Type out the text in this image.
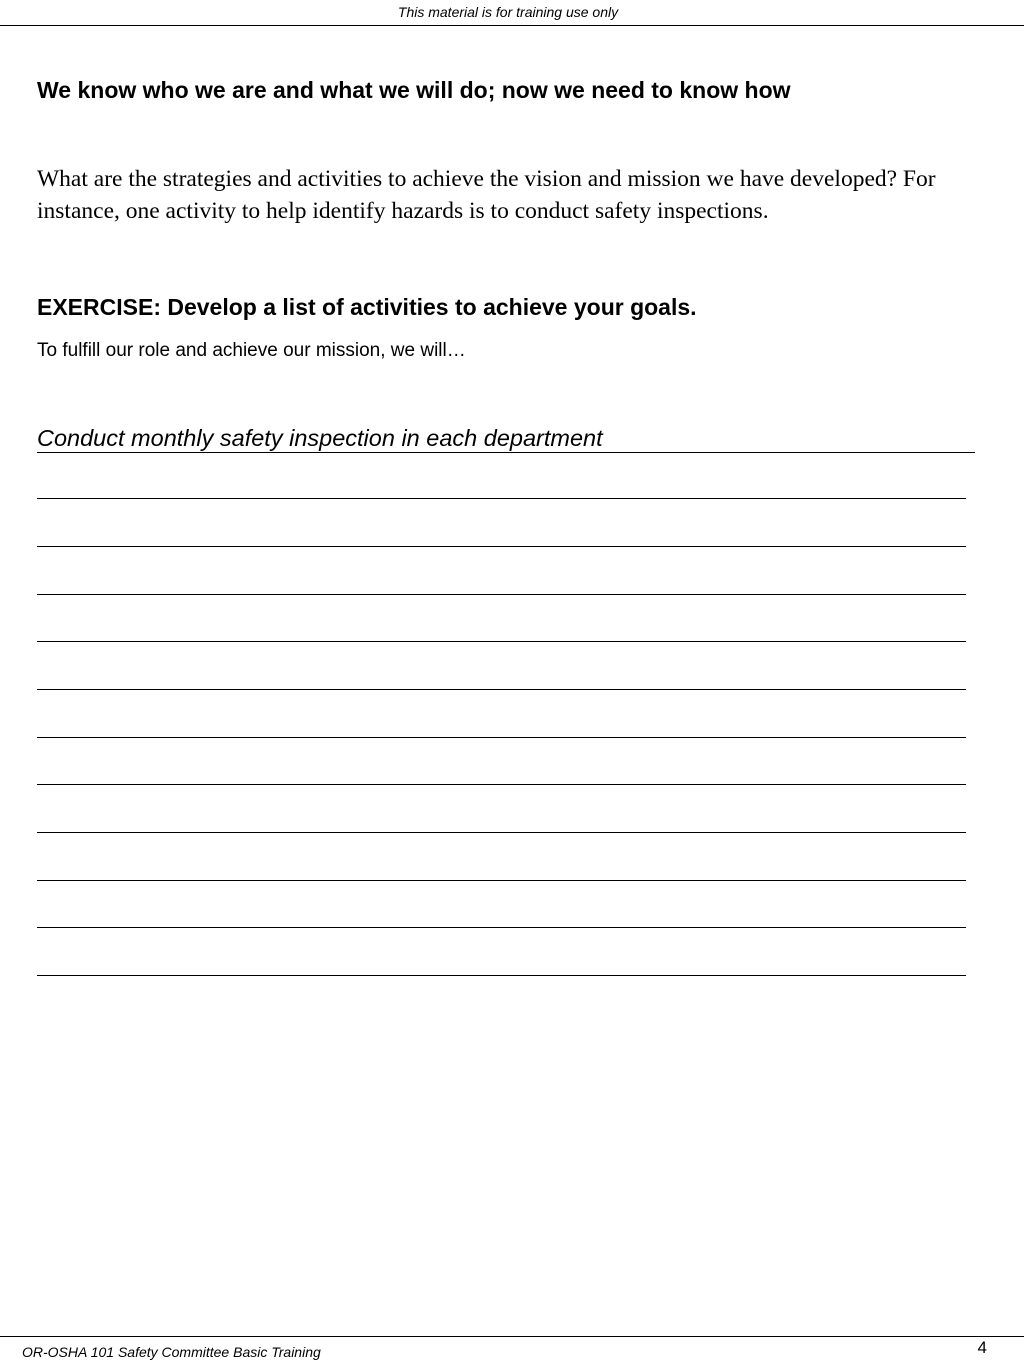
This material is for training use only
We know who we are and what we will do; now we need to know how
What are the strategies and activities to achieve the vision and mission we have developed? For instance, one activity to help identify hazards is to conduct safety inspections.
EXERCISE: Develop a list of activities to achieve your goals.
To fulfill our role and achieve our mission, we will…
Conduct monthly safety inspection in each department
OR-OSHA 101 Safety Committee Basic Training	4
